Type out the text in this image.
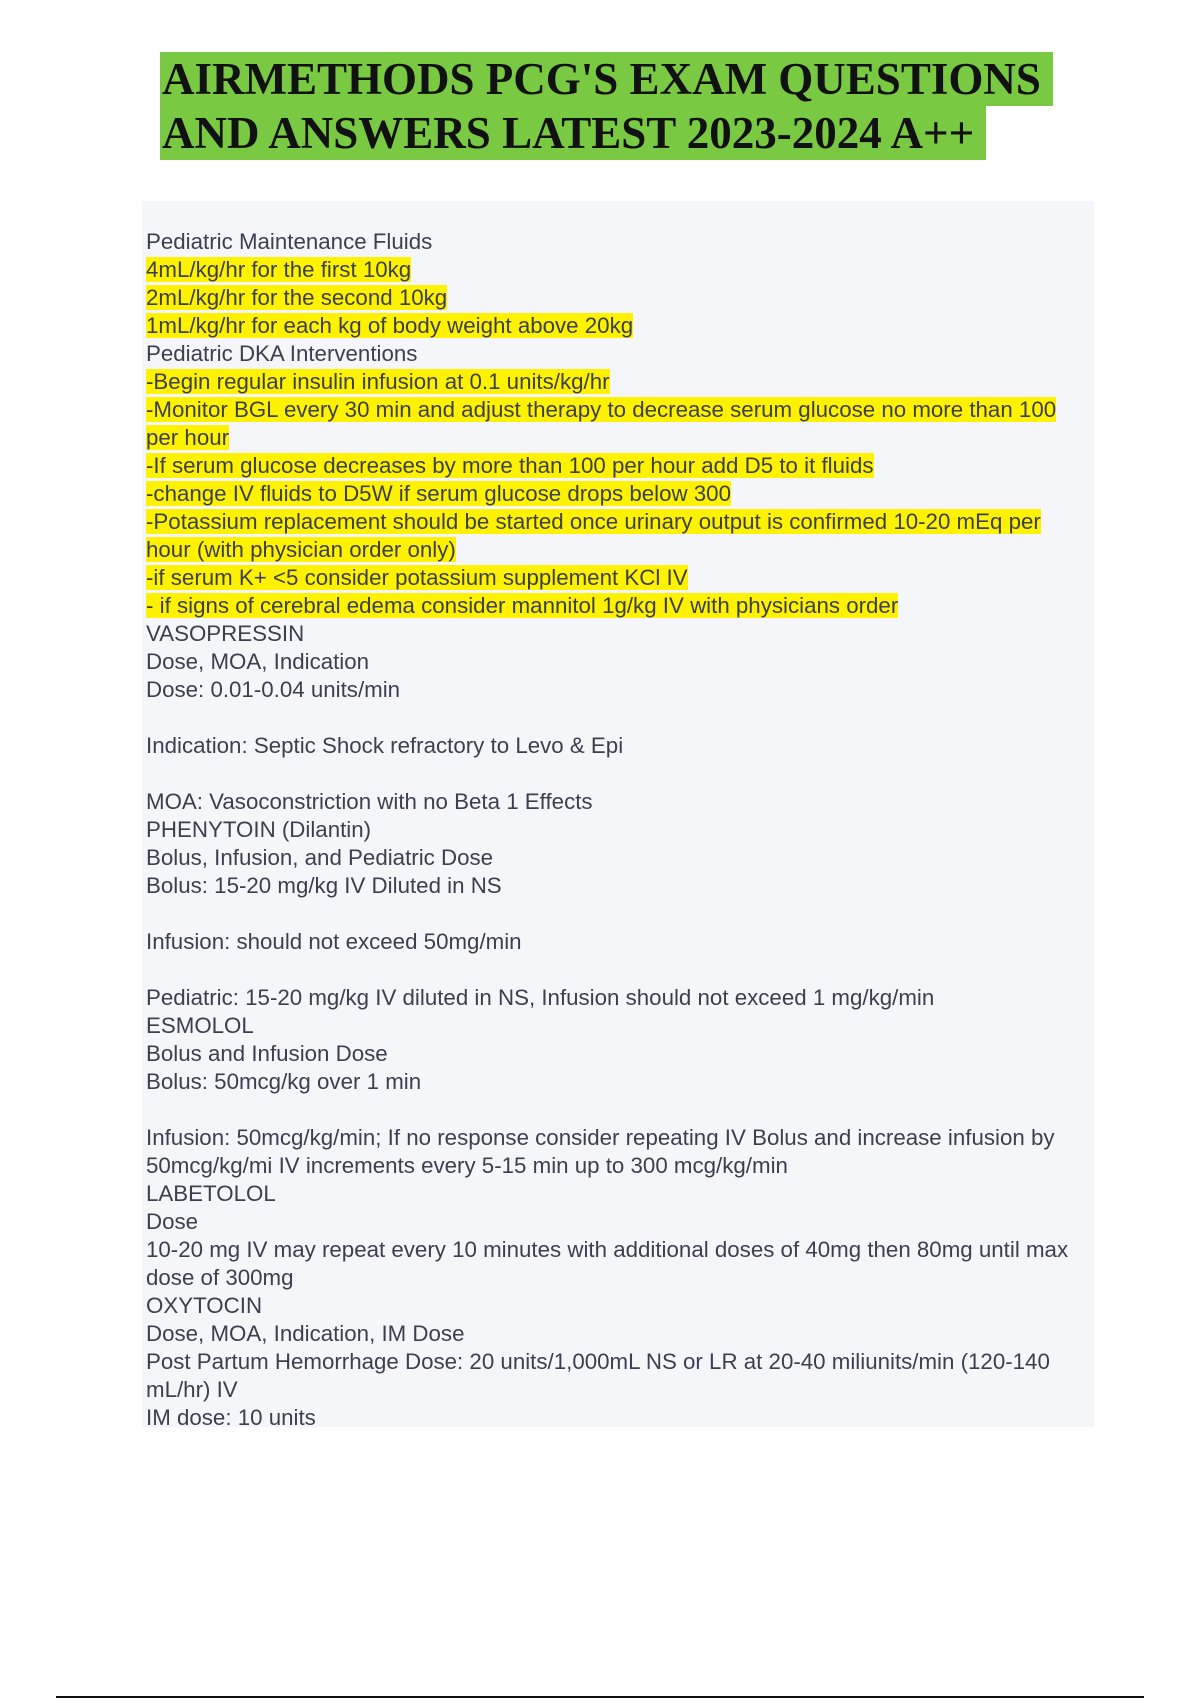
AIRMETHODS PCG'S EXAM QUESTIONS
AND ANSWERS LATEST 2023-2024 A++
Pediatric Maintenance Fluids
4mL/kg/hr for the first 10kg
2mL/kg/hr for the second 10kg
1mL/kg/hr for each kg of body weight above 20kg
Pediatric DKA Interventions
-Begin regular insulin infusion at 0.1 units/kg/hr
-Monitor BGL every 30 min and adjust therapy to decrease serum glucose no more than 100 per hour
-If serum glucose decreases by more than 100 per hour add D5 to it fluids
-change IV fluids to D5W if serum glucose drops below 300
-Potassium replacement should be started once urinary output is confirmed 10-20 mEq per hour (with physician order only)
-if serum K+ <5 consider potassium supplement KCl IV
- if signs of cerebral edema consider mannitol 1g/kg IV with physicians order
VASOPRESSIN
Dose, MOA, Indication
Dose: 0.01-0.04 units/min
Indication: Septic Shock refractory to Levo & Epi
MOA: Vasoconstriction with no Beta 1 Effects
PHENYTOIN (Dilantin)
Bolus, Infusion, and Pediatric Dose
Bolus: 15-20 mg/kg IV Diluted in NS
Infusion: should not exceed 50mg/min
Pediatric: 15-20 mg/kg IV diluted in NS, Infusion should not exceed 1 mg/kg/min
ESMOLOL
Bolus and Infusion Dose
Bolus: 50mcg/kg over 1 min
Infusion: 50mcg/kg/min; If no response consider repeating IV Bolus and increase infusion by 50mcg/kg/mi IV increments every 5-15 min up to 300 mcg/kg/min
LABETOLOL
Dose
10-20 mg IV may repeat every 10 minutes with additional doses of 40mg then 80mg until max dose of 300mg
OXYTOCIN
Dose, MOA, Indication, IM Dose
Post Partum Hemorrhage Dose: 20 units/1,000mL NS or LR at 20-40 miliunits/min (120-140 mL/hr) IV
IM dose: 10 units
